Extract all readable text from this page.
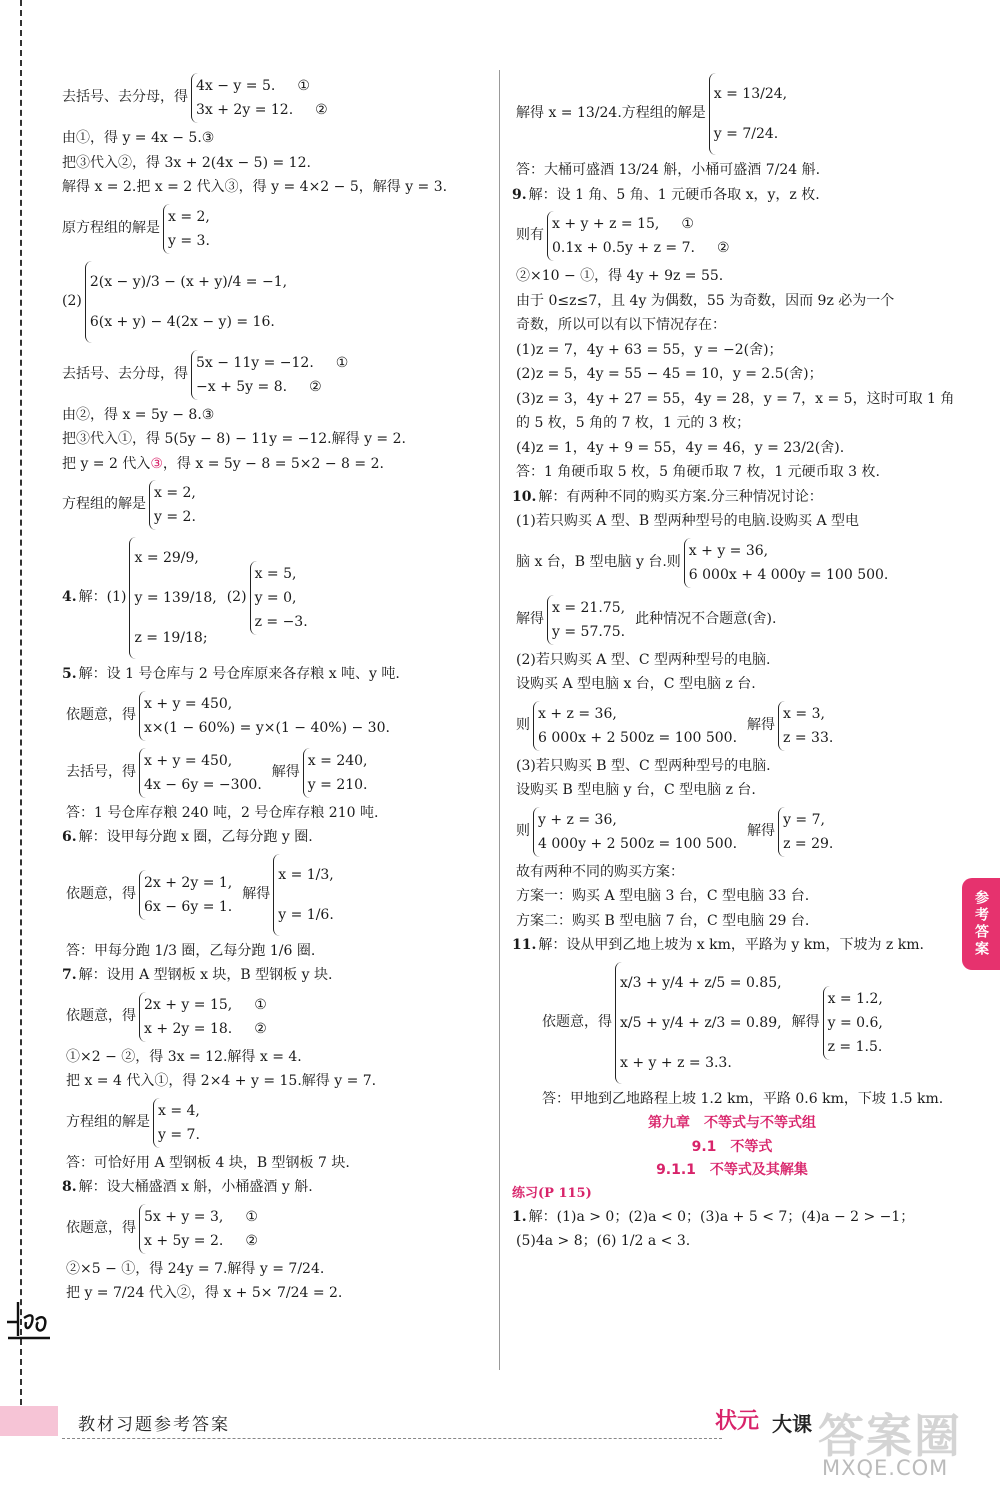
去括号、去分母，得
4x − y = 5. ①
3x + 2y = 12. ②
由①，得 y = 4x − 5.③
把③代入②，得 3x + 2(4x − 5) = 12.
解得 x = 2.把 x = 2 代入③，得 y = 4×2 − 5，解得 y = 3.
原方程组的解是
x = 2,
y = 3.
(2)
2(x − y)/3 − (x + y)/4 = −1,
6(x + y) − 4(2x − y) = 16.
去括号、去分母，得
5x − 11y = −12. ①
−x + 5y = 8. ②
由②，得 x = 5y − 8.③
把③代入①，得 5(5y − 8) − 11y = −12.解得 y = 2.
把 y = 2 代入 ③ ，得 x = 5y − 8 = 5×2 − 8 = 2.
方程组的解是
x = 2,
y = 2.
4. 解：(1)
x = 29/9,
y = 139/18,
z = 19/18;
(2)
x = 5,
y = 0,
z = −3.
5. 解：设 1 号仓库与 2 号仓库原来各存粮 x 吨、y 吨.
依题意，得
x + y = 450,
x×(1 − 60%) = y×(1 − 40%) − 30.
去括号，得
x + y = 450,
4x − 6y = −300.
解得
x = 240,
y = 210.
答：1 号仓库存粮 240 吨，2 号仓库存粮 210 吨.
6. 解：设甲每分跑 x 圈，乙每分跑 y 圈.
依题意，得
2x + 2y = 1,
6x − 6y = 1.
解得
x = 1/3,
y = 1/6.
答：甲每分跑 1/3 圈，乙每分跑 1/6 圈.
7. 解：设用 A 型钢板 x 块，B 型钢板 y 块.
依题意，得
2x + y = 15, ①
x + 2y = 18. ②
①×2 − ②，得 3x = 12.解得 x = 4.
把 x = 4 代入①，得 2×4 + y = 15.解得 y = 7.
方程组的解是
x = 4,
y = 7.
答：可恰好用 A 型钢板 4 块，B 型钢板 7 块.
8. 解：设大桶盛酒 x 斛，小桶盛酒 y 斛.
依题意，得
5x + y = 3, ①
x + 5y = 2. ②
②×5 − ①，得 24y = 7.解得 y = 7/24.
把 y = 7/24 代入②，得 x + 5× 7/24 = 2.
解得 x = 13/24.方程组的解是
x = 13/24,
y = 7/24.
答：大桶可盛酒 13/24 斛，小桶可盛酒 7/24 斛.
9. 解：设 1 角、5 角、1 元硬币各取 x，y，z 枚.
则有
x + y + z = 15, ①
0.1x + 0.5y + z = 7. ②
②×10 − ①，得 4y + 9z = 55.
由于 0≤z≤7，且 4y 为偶数，55 为奇数，因而 9z 必为一个
奇数，所以可以有以下情况存在：
(1)z = 7，4y + 63 = 55，y = −2(舍)；
(2)z = 5，4y = 55 − 45 = 10，y = 2.5(舍)；
(3)z = 3，4y + 27 = 55，4y = 28，y = 7，x = 5，这时可取 1 角
的 5 枚，5 角的 7 枚，1 元的 3 枚；
(4)z = 1，4y + 9 = 55，4y = 46，y = 23/2(舍).
答：1 角硬币取 5 枚，5 角硬币取 7 枚，1 元硬币取 3 枚.
10. 解：有两种不同的购买方案.分三种情况讨论：
(1)若只购买 A 型、B 型两种型号的电脑.设购买 A 型电
脑 x 台，B 型电脑 y 台.则
x + y = 36,
6 000x + 4 000y = 100 500.
解得
x = 21.75,
y = 57.75.
此种情况不合题意(舍).
(2)若只购买 A 型、C 型两种型号的电脑.
设购买 A 型电脑 x 台，C 型电脑 z 台.
则
x + z = 36,
6 000x + 2 500z = 100 500.
解得
x = 3,
z = 33.
(3)若只购买 B 型、C 型两种型号的电脑.
设购买 B 型电脑 y 台，C 型电脑 z 台.
则
y + z = 36,
4 000y + 2 500z = 100 500.
解得
y = 7,
z = 29.
故有两种不同的购买方案：
方案一：购买 A 型电脑 3 台，C 型电脑 33 台.
方案二：购买 B 型电脑 7 台，C 型电脑 29 台.
11. 解：设从甲到乙地上坡为 x km，平路为 y km，下坡为 z km.
依题意，得
x/3 + y/4 + z/5 = 0.85,
x/5 + y/4 + z/3 = 0.89,
x + y + z = 3.3.
解得
x = 1.2,
y = 0.6,
z = 1.5.
答：甲地到乙地路程上坡 1.2 km，平路 0.6 km，下坡 1.5 km.
第九章　不等式与不等式组
9.1　不等式
9.1.1　不等式及其解集
练习(P 115)
1. 解：(1)a > 0；(2)a < 0；(3)a + 5 < 7；(4)a − 2 > −1；
(5)4a > 8；(6) 1/2 a < 3.
参考答案
教材习题参考答案	状元 大课 答案圈
MXQE.COM
